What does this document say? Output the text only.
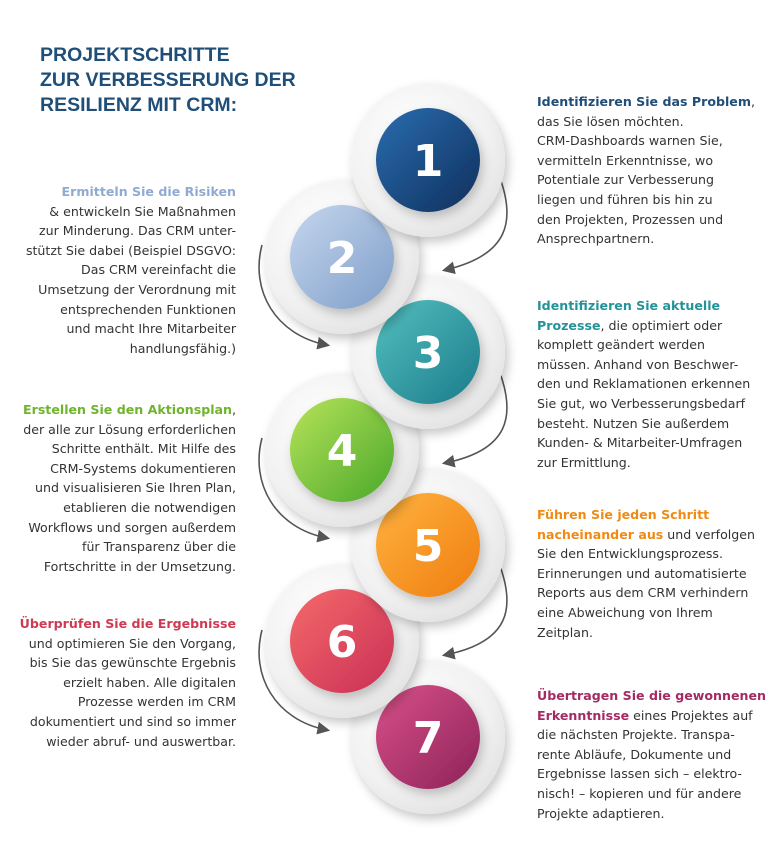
PROJEKTSCHRITTE
ZUR VERBESSERUNG DER
RESILIENZ MIT CRM:
7
6
5
4
3
2
1
Identifizieren Sie das Problem,
das Sie lösen möchten.
CRM-Dashboards warnen Sie,
vermitteln Erkenntnisse, wo
Potentiale zur Verbesserung
liegen und führen bis hin zu
den Projekten, Prozessen und
Ansprechpartnern.
Ermitteln Sie die Risiken
& entwickeln Sie Maßnahmen
zur Minderung. Das CRM unter-
stützt Sie dabei (Beispiel DSGVO:
Das CRM vereinfacht die
Umsetzung der Verordnung mit
entsprechenden Funktionen
und macht Ihre Mitarbeiter
handlungsfähig.)
Identifizieren Sie aktuelle
Prozesse, die optimiert oder
komplett geändert werden
müssen. Anhand von Beschwer-
den und Reklamationen erkennen
Sie gut, wo Verbesserungsbedarf
besteht. Nutzen Sie außerdem
Kunden- & Mitarbeiter-Umfragen
zur Ermittlung.
Erstellen Sie den Aktionsplan,
der alle zur Lösung erforderlichen
Schritte enthält. Mit Hilfe des
CRM-Systems dokumentieren
und visualisieren Sie Ihren Plan,
etablieren die notwendigen
Workflows und sorgen außerdem
für Transparenz über die
Fortschritte in der Umsetzung.
Führen Sie jeden Schritt
nacheinander aus und verfolgen
Sie den Entwicklungsprozess.
Erinnerungen und automatisierte
Reports aus dem CRM verhindern
eine Abweichung von Ihrem
Zeitplan.
Überprüfen Sie die Ergebnisse
und optimieren Sie den Vorgang,
bis Sie das gewünschte Ergebnis
erzielt haben. Alle digitalen
Prozesse werden im CRM
dokumentiert und sind so immer
wieder abruf- und auswertbar.
Übertragen Sie die gewonnenen
Erkenntnisse eines Projektes auf
die nächsten Projekte. Transpa-
rente Abläufe, Dokumente und
Ergebnisse lassen sich – elektro-
nisch! – kopieren und für andere
Projekte adaptieren.
